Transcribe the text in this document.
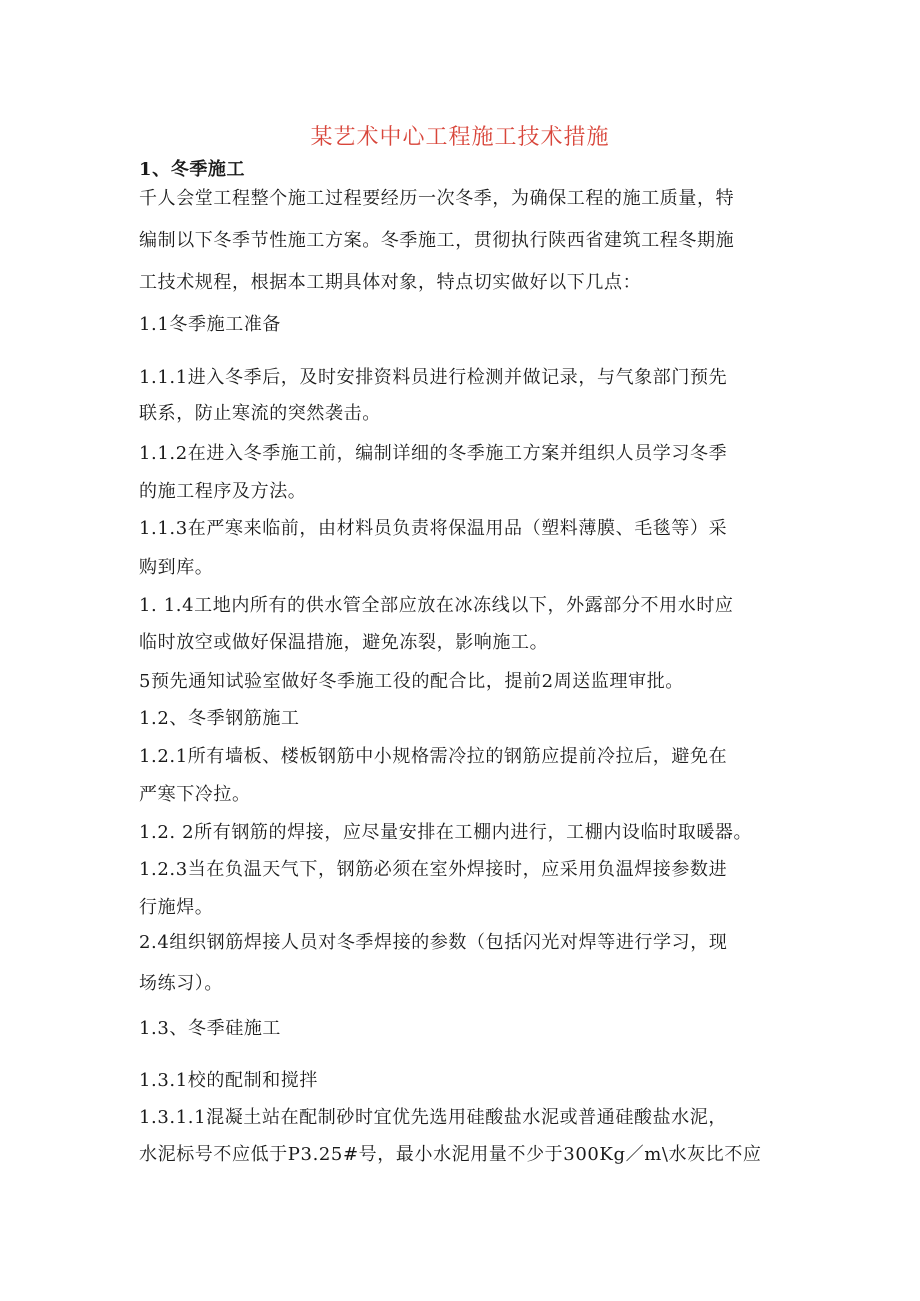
某艺术中心工程施工技术措施
1、冬季施工
千人会堂工程整个施工过程要经历一次冬季，为确保工程的施工质量，特
编制以下冬季节性施工方案。冬季施工，贯彻执行陕西省建筑工程冬期施
工技术规程，根据本工期具体对象，特点切实做好以下几点：
1.1冬季施工准备
1.1.1进入冬季后，及时安排资料员进行检测并做记录，与气象部门预先
联系，防止寒流的突然袭击。
1.1.2在进入冬季施工前，编制详细的冬季施工方案并组织人员学习冬季
的施工程序及方法。
1.1.3在严寒来临前，由材料员负责将保温用品（塑料薄膜、毛毯等）采
购到库。
1. 1.4工地内所有的供水管全部应放在冰冻线以下，外露部分不用水时应
临时放空或做好保温措施，避免冻裂，影响施工。
5预先通知试验室做好冬季施工役的配合比，提前2周送监理审批。
1.2、冬季钢筋施工
1.2.1所有墙板、楼板钢筋中小规格需冷拉的钢筋应提前冷拉后，避免在
严寒下冷拉。
1.2. 2所有钢筋的焊接，应尽量安排在工棚内进行，工棚内设临时取暖器。
1.2.3当在负温天气下，钢筋必须在室外焊接时，应采用负温焊接参数进
行施焊。
2.4组织钢筋焊接人员对冬季焊接的参数（包括闪光对焊等进行学习，现
场练习）。
1.3、冬季硅施工
1.3.1校的配制和搅拌
1.3.1.1混凝土站在配制砂时宜优先选用硅酸盐水泥或普通硅酸盐水泥，
水泥标号不应低于P3.25#号，最小水泥用量不少于300Kg／m\水灰比不应
